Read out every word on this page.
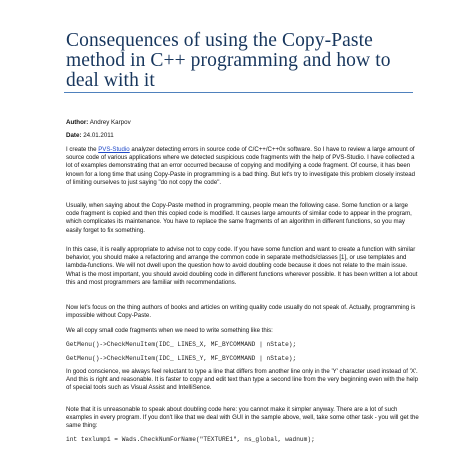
Consequences of using the Copy-Paste method in C++ programming and how to deal with it
Author: Andrey Karpov
Date: 24.01.2011

I create the PVS-Studio analyzer detecting errors in source code of C/C++/C++0x software. So I have to review a large amount of source code of various applications where we detected suspicious code fragments with the help of PVS-Studio. I have collected a lot of examples demonstrating that an error occurred because of copying and modifying a code fragment. Of course, it has been known for a long time that using Copy-Paste in programming is a bad thing. But let's try to investigate this problem closely instead of limiting ourselves to just saying "do not copy the code".

Usually, when saying about the Copy-Paste method in programming, people mean the following case. Some function or a large code fragment is copied and then this copied code is modified. It causes large amounts of similar code to appear in the program, which complicates its maintenance. You have to replace the same fragments of an algorithm in different functions, so you may easily forget to fix something.

In this case, it is really appropriate to advise not to copy code. If you have some function and want to create a function with similar behavior, you should make a refactoring and arrange the common code in separate methods/classes [1], or use templates and lambda-functions. We will not dwell upon the question how to avoid doubling code because it does not relate to the main issue. What is the most important, you should avoid doubling code in different functions wherever possible. It has been written a lot about this and most programmers are familiar with recommendations.

Now let's focus on the thing authors of books and articles on writing quality code usually do not speak of. Actually, programming is impossible without Copy-Paste.

We all copy small code fragments when we need to write something like this:

GetMenu()->CheckMenuItem(IDC_ LINES_X, MF_BYCOMMAND | nState);
GetMenu()->CheckMenuItem(IDC_ LINES_Y, MF_BYCOMMAND | nState);

In good conscience, we always feel reluctant to type a line that differs from another line only in the 'Y' character used instead of 'X'. And this is right and reasonable. It is faster to copy and edit text than type a second line from the very beginning even with the help of special tools such as Visual Assist and IntelliSence.

Note that it is unreasonable to speak about doubling code here: you cannot make it simpler anyway. There are a lot of such examples in every program. If you don't like that we deal with GUI in the sample above, well, take some other task - you will get the same thing:

int texlump1 = Wads.CheckNumForName("TEXTURE1", ns_global, wadnum);
